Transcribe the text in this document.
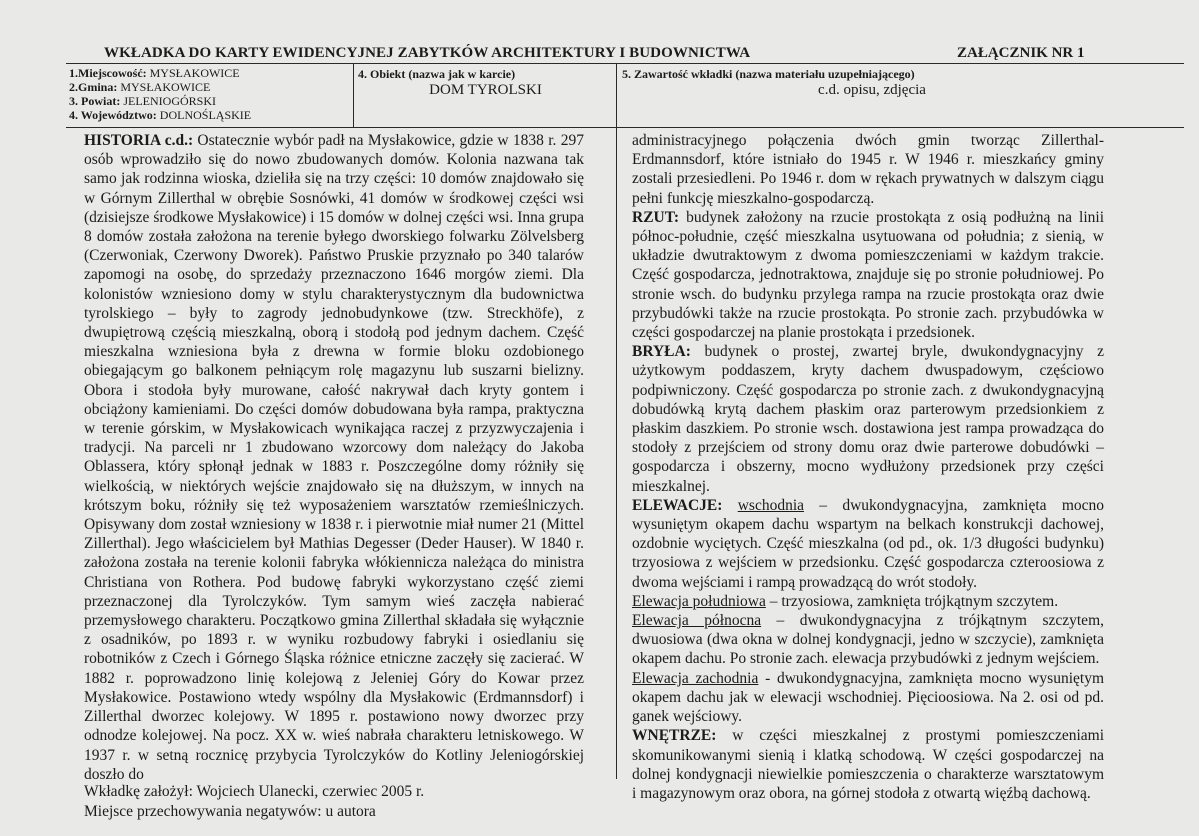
WKŁADKA DO KARTY EWIDENCYJNEJ ZABYTKÓW ARCHITEKTURY I BUDOWNICTWA	ZAŁĄCZNIK NR 1
1.Miejscowość: MYSŁAKOWICE
2.Gmina: MYSŁAKOWICE
3. Powiat: JELENIOGÓRSKI
4. Województwo: DOLNOŚLĄSKIE
4. Obiekt (nazwa jak w karcie)
DOM TYROLSKI
5. Zawartość wkładki (nazwa materiału uzupełniającego)
c.d. opisu, zdjęcia

HISTORIA c.d.: Ostatecznie wybór padł na Mysłakowice, gdzie w 1838 r. 297 osób wprowadziło się do nowo zbudowanych domów. Kolonia nazwana tak samo jak rodzinna wioska, dzieliła się na trzy części: 10 domów znajdowało się w Górnym Zillerthal w obrębie Sosnówki, 41 domów w środkowej części wsi (dzisiejsze środkowe Mysłakowice) i 15 domów w dolnej części wsi. Inna grupa 8 domów została założona na terenie byłego dworskiego folwarku Zölvelsberg (Czerwoniak, Czerwony Dworek). Państwo Pruskie przyznało po 340 talarów zapomogi na osobę, do sprzedaży przeznaczono 1646 morgów ziemi. Dla kolonistów wzniesiono domy w stylu charakterystycznym dla budownictwa tyrolskiego – były to zagrody jednobudynkowe (tzw. Streckhöfe), z dwupiętrową częścią mieszkalną, oborą i stodołą pod jednym dachem. Część mieszkalna wzniesiona była z drewna w formie bloku ozdobionego obiegającym go balkonem pełniącym rolę magazynu lub suszarni bielizny. Obora i stodoła były murowane, całość nakrywał dach kryty gontem i obciążony kamieniami. Do części domów dobudowana była rampa, praktyczna w terenie górskim, w Mysłakowicach wynikająca raczej z przyzwyczajenia i tradycji. Na parceli nr 1 zbudowano wzorcowy dom należący do Jakoba Oblassera, który spłonął jednak w 1883 r. Poszczególne domy różniły się wielkością, w niektórych wejście znajdowało się na dłuższym, w innych na krótszym boku, różniły się też wyposażeniem warsztatów rzemieślniczych. Opisywany dom został wzniesiony w 1838 r. i pierwotnie miał numer 21 (Mittel Zillerthal). Jego właścicielem był Mathias Degesser (Deder Hauser). W 1840 r. założona została na terenie kolonii fabryka włókiennicza należąca do ministra Christiana von Rothera. Pod budowę fabryki wykorzystano część ziemi przeznaczonej dla Tyrolczyków. Tym samym wieś zaczęła nabierać przemysłowego charakteru. Początkowo gmina Zillerthal składała się wyłącznie z osadników, po 1893 r. w wyniku rozbudowy fabryki i osiedlaniu się robotników z Czech i Górnego Śląska różnice etniczne zaczęły się zacierać. W 1882 r. poprowadzono linię kolejową z Jeleniej Góry do Kowar przez Mysłakowice. Postawiono wtedy wspólny dla Mysłakowic (Erdmannsdorf) i Zillerthal dworzec kolejowy. W 1895 r. postawiono nowy dworzec przy odnodze kolejowej. Na pocz. XX w. wieś nabrała charakteru letniskowego. W 1937 r. w setną rocznicę przybycia Tyrolczyków do Kotliny Jeleniogórskiej doszło do

administracyjnego połączenia dwóch gmin tworząc Zillerthal-Erdmannsdorf, które istniało do 1945 r. W 1946 r. mieszkańcy gminy zostali przesiedleni. Po 1946 r. dom w rękach prywatnych w dalszym ciągu pełni funkcję mieszkalno-gospodarczą.

RZUT: budynek założony na rzucie prostokąta z osią podłużną na linii północ-południe, część mieszkalna usytuowana od południa; z sienią, w układzie dwutraktowym z dwoma pomieszczeniami w każdym trakcie. Część gospodarcza, jednotraktowa, znajduje się po stronie południowej. Po stronie wsch. do budynku przylega rampa na rzucie prostokąta oraz dwie przybudówki także na rzucie prostokąta. Po stronie zach. przybudówka w części gospodarczej na planie prostokąta i przedsionek.

BRYŁA: budynek o prostej, zwartej bryle, dwukondygnacyjny z użytkowym poddaszem, kryty dachem dwuspadowym, częściowo podpiwniczony. Część gospodarcza po stronie zach. z dwukondygnacyjną dobudówką krytą dachem płaskim oraz parterowym przedsionkiem z płaskim daszkiem. Po stronie wsch. dostawiona jest rampa prowadząca do stodoły z przejściem od strony domu oraz dwie parterowe dobudówki – gospodarcza i obszerny, mocno wydłużony przedsionek przy części mieszkalnej.

ELEWACJE: wschodnia – dwukondygnacyjna, zamknięta mocno wysuniętym okapem dachu wspartym na belkach konstrukcji dachowej, ozdobnie wyciętych. Część mieszkalna (od pd., ok. 1/3 długości budynku) trzyosiowa z wejściem w przedsionku. Część gospodarcza czteroosiowa z dwoma wejściami i rampą prowadzącą do wrót stodoły.

Elewacja południowa – trzyosiowa, zamknięta trójkątnym szczytem.

Elewacja północna – dwukondygnacyjna z trójkątnym szczytem, dwuosiowa (dwa okna w dolnej kondygnacji, jedno w szczycie), zamknięta okapem dachu. Po stronie zach. elewacja przybudówki z jednym wejściem.

Elewacja zachodnia - dwukondygnacyjna, zamknięta mocno wysuniętym okapem dachu jak w elewacji wschodniej. Pięcioosiowa. Na 2. osi od pd. ganek wejściowy.

WNĘTRZE: w części mieszkalnej z prostymi pomieszczeniami skomunikowanymi sienią i klatką schodową. W części gospodarczej na dolnej kondygnacji niewielkie pomieszczenia o charakterze warsztatowym i magazynowym oraz obora, na górnej stodoła z otwartą więźbą dachową.

Wkładkę założył: Wojciech Ulanecki, czerwiec 2005 r.
Miejsce przechowywania negatywów: u autora
